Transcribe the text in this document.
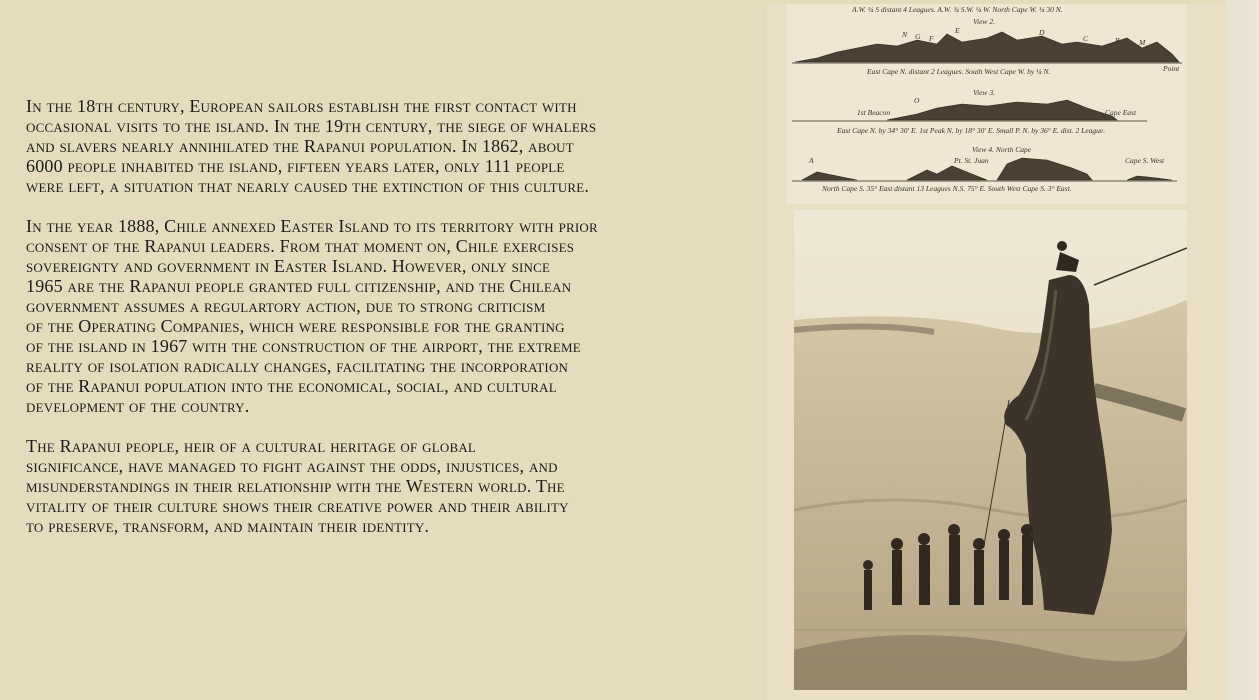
In the 18th century, European sailors establish the first contact with
occasional visits to the island. In the 19th century, the siege of whalers
and slavers nearly annihilated the Rapanui population. In 1862, about
6000 people inhabited the island, fifteen years later, only 111 people
were left, a situation that nearly caused the extinction of this culture.

In the year 1888, Chile annexed Easter Island to its territory with prior
consent of the Rapanui leaders. From that moment on, Chile exercises
sovereignty and government in Easter Island. However, only since
1965 are the Rapanui people granted full citizenship, and the Chilean
government assumes a regulartory action, due to strong criticism
of the Operating Companies, which were responsible for the granting
of the island in 1967 with the construction of the airport, the extreme
reality of isolation radically changes, facilitating the incorporation
of the Rapanui population into the economical, social, and cultural
development of the country.

The Rapanui people, heir of a cultural heritage of global
significance, have managed to fight against the odds, injustices, and
misunderstandings in their relationship with the Western world. The
vitality of their culture shows their creative power and their ability
to preserve, transform, and maintain their identity.

A.W. ¼ S distant 4 Leagues. A.W. ¾ S.W. ¼ W. North Cape W. ¼ 30 N.
View 2.
N G F
E	D
C	B	M
Point
East Cape N. distant 2 Leagues. South West Cape W. by ¼ N.
View 3.
1st Beacon
O
Cape East
East Cape N. by 34° 30' E. 1st Peak N. by 18° 30' E. Small P. N. by 36° E. dist. 2 League.
View 4. North Cape
A	Pt. St. Juan	Cape S. West
North Cape S. 35° East distant 13 Leagues N.S. 75° E. South West Cape S. 3° East.
